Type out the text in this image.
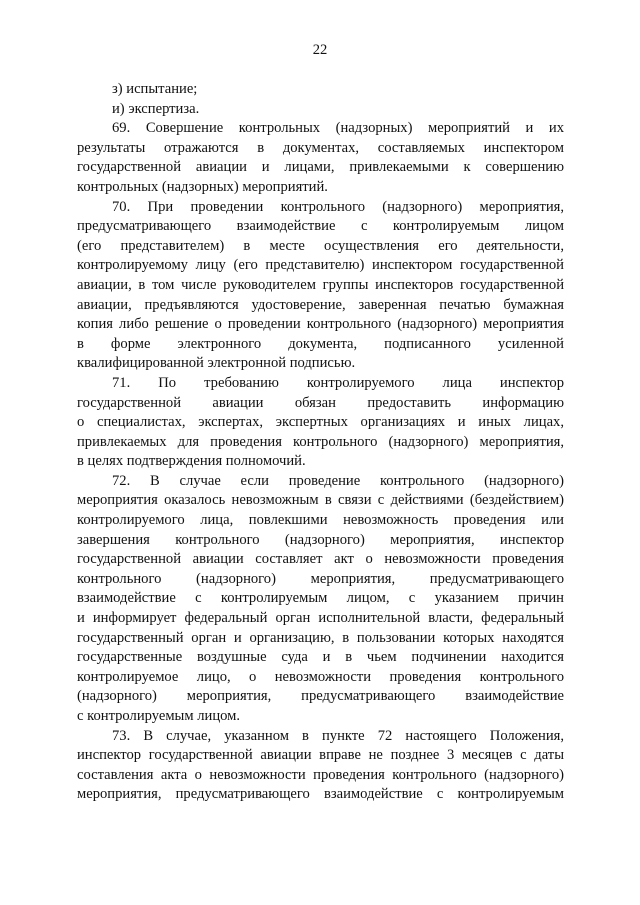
22
з) испытание;
и) экспертиза.
69. Совершение контрольных (надзорных) мероприятий и их
результаты отражаются в документах, составляемых инспектором
государственной авиации и лицами, привлекаемыми к совершению
контрольных (надзорных) мероприятий.
70. При проведении контрольного (надзорного) мероприятия,
предусматривающего взаимодействие с контролируемым лицом
(его представителем) в месте осуществления его деятельности,
контролируемому лицу (его представителю) инспектором государственной
авиации, в том числе руководителем группы инспекторов государственной
авиации, предъявляются удостоверение, заверенная печатью бумажная
копия либо решение о проведении контрольного (надзорного) мероприятия
в форме электронного документа, подписанного усиленной
квалифицированной электронной подписью.
71. По требованию контролируемого лица инспектор
государственной авиации обязан предоставить информацию
о специалистах, экспертах, экспертных организациях и иных лицах,
привлекаемых для проведения контрольного (надзорного) мероприятия,
в целях подтверждения полномочий.
72. В случае если проведение контрольного (надзорного)
мероприятия оказалось невозможным в связи с действиями (бездействием)
контролируемого лица, повлекшими невозможность проведения или
завершения контрольного (надзорного) мероприятия, инспектор
государственной авиации составляет акт о невозможности проведения
контрольного (надзорного) мероприятия, предусматривающего
взаимодействие с контролируемым лицом, с указанием причин
и информирует федеральный орган исполнительной власти, федеральный
государственный орган и организацию, в пользовании которых находятся
государственные воздушные суда и в чьем подчинении находится
контролируемое лицо, о невозможности проведения контрольного
(надзорного) мероприятия, предусматривающего взаимодействие
с контролируемым лицом.
73. В случае, указанном в пункте 72 настоящего Положения,
инспектор государственной авиации вправе не позднее 3 месяцев с даты
составления акта о невозможности проведения контрольного (надзорного)
мероприятия, предусматривающего взаимодействие с контролируемым
